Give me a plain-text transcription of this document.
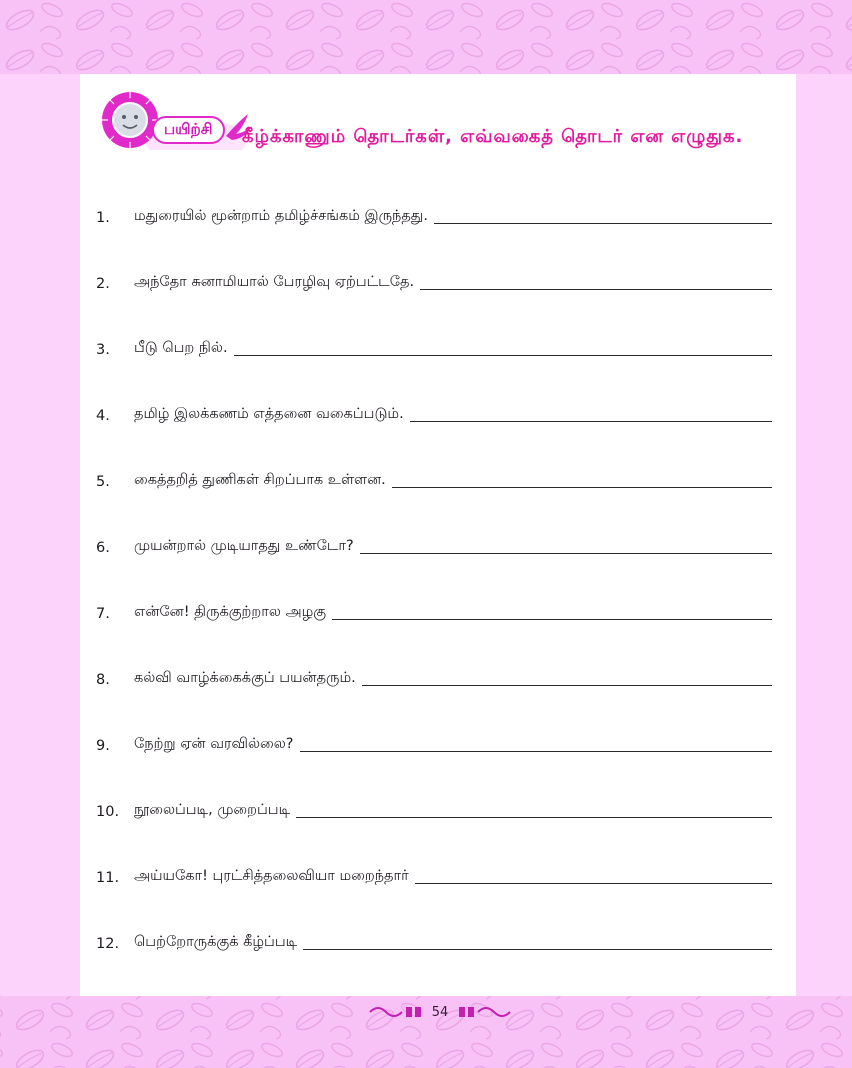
பயிற்சி	கீழ்க்காணும் தொடர்கள், எவ்வகைத் தொடர் என எழுதுக.
1.	மதுரையில் மூன்றாம் தமிழ்ச்சங்கம் இருந்தது.
2.	அந்தோ சுனாமியால் பேரழிவு ஏற்பட்டதே.
3.	பீடு பெற நில்.
4.	தமிழ் இலக்கணம் எத்தனை வகைப்படும்.
5.	கைத்தறித் துணிகள் சிறப்பாக உள்ளன.
6.	முயன்றால் முடியாதது உண்டோ?
7.	என்னே! திருக்குற்றால அழகு
8.	கல்வி வாழ்க்கைக்குப் பயன்தரும்.
9.	நேற்று ஏன் வரவில்லை?
10.	நூலைப்படி, முறைப்படி
11.	அய்யகோ! புரட்சித்தலைவியா மறைந்தார்
12.	பெற்றோருக்குக் கீழ்ப்படி
54
